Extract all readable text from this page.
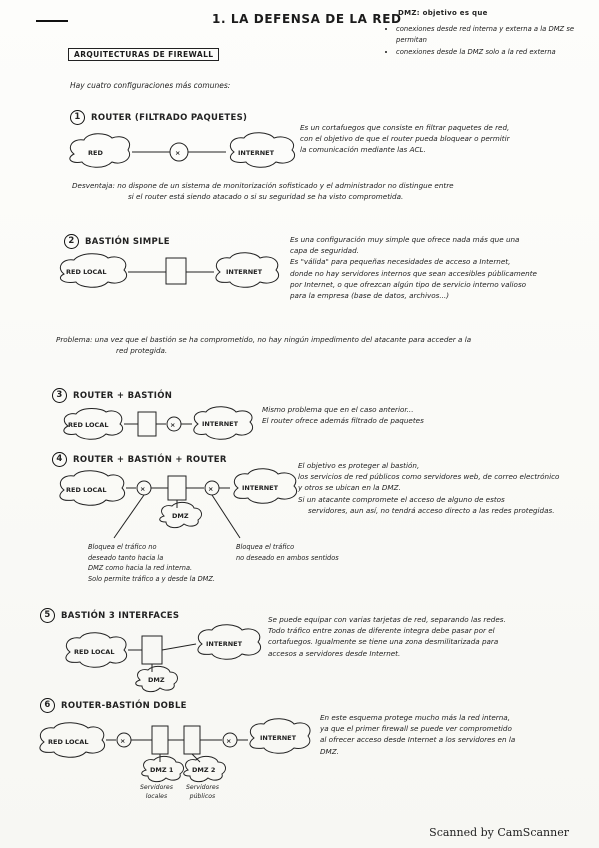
1. LA DEFENSA DE LA RED
DMZ: objetivo es que
• conexiones desde red interna y externa a la DMZ se permitan
• conexiones desde la DMZ solo a la red externa
ARQUITECTURAS DE FIREWALL
Hay cuatro configuraciones más comunes:
1 ROUTER (FILTRADO PAQUETES)
RED	×	INTERNET
Es un cortafuegos que consiste en filtrar paquetes de red,
con el objetivo de que el router pueda bloquear o permitir
la comunicación mediante las ACL.
Desventaja: no dispone de un sistema de monitorización sofisticado y el administrador no distingue entre
si el router está siendo atacado o si su seguridad se ha visto comprometida.
2 BASTIÓN SIMPLE
RED LOCAL	INTERNET
Es una configuración muy simple que ofrece nada más que una
capa de seguridad.
Es "válida" para pequeñas necesidades de acceso a Internet,
donde no hay servidores internos que sean accesibles públicamente
por Internet, o que ofrezcan algún tipo de servicio interno valioso
para la empresa (base de datos, archivos...)
Problema: una vez que el bastión se ha comprometido, no hay ningún impedimento del atacante para acceder a la
red protegida.
3 ROUTER + BASTIÓN
RED LOCAL	×	INTERNET
Mismo problema que en el caso anterior...
El router ofrece además filtrado de paquetes
4 ROUTER + BASTIÓN + ROUTER
RED LOCAL	×	×	INTERNET
DMZ
El objetivo es proteger al bastión,
los servicios de red públicos como servidores web, de correo electrónico
y otros se ubican en la DMZ.
Si un atacante compromete el acceso de alguno de estos
servidores, aun así, no tendrá acceso directo a las redes protegidas.
Bloquea el tráfico no
deseado tanto hacia la
DMZ como hacia la red interna.
Solo permite tráfico a y desde la DMZ.
Bloquea el tráfico
no deseado en ambos sentidos
5 BASTIÓN 3 INTERFACES
RED LOCAL
INTERNET
DMZ
Se puede equipar con varias tarjetas de red, separando las redes.
Todo tráfico entre zonas de diferente integra debe pasar por el
cortafuegos. Igualmente se tiene una zona desmilitarizada para
accesos a servidores desde Internet.
6 ROUTER-BASTIÓN DOBLE
RED LOCAL	×	×	INTERNET
DMZ 1	DMZ 2
Servidores
locales
Servidores
públicos
En este esquema protege mucho más la red interna,
ya que el primer firewall se puede ver comprometido
al ofrecer acceso desde Internet a los servidores en la
DMZ.
Scanned by CamScanner
